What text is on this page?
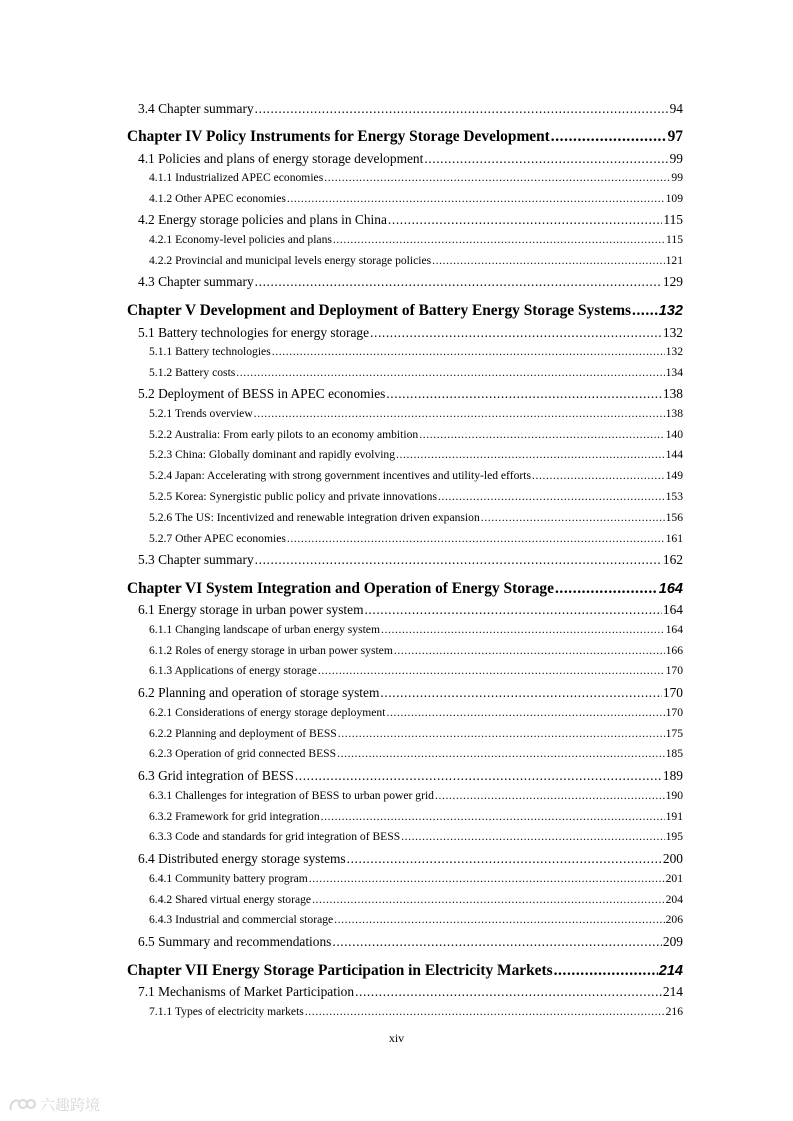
3.4 Chapter summary .....	94
Chapter IV Policy Instruments for Energy Storage Development .....	97
4.1 Policies and plans of energy storage development .....	99
4.1.1 Industrialized APEC economies .....	99
4.1.2 Other APEC economies .....	109
4.2 Energy storage policies and plans in China .....	115
4.2.1 Economy-level policies and plans .....	115
4.2.2 Provincial and municipal levels energy storage policies .....	121
4.3 Chapter summary .....	129
Chapter V Development and Deployment of Battery Energy Storage Systems ..... 132
5.1 Battery technologies for energy storage .....	132
5.1.1 Battery technologies .....	132
5.1.2 Battery costs .....	134
5.2 Deployment of BESS in APEC economies .....	138
5.2.1 Trends overview .....	138
5.2.2 Australia: From early pilots to an economy ambition .....	140
5.2.3 China: Globally dominant and rapidly evolving .....	144
5.2.4 Japan: Accelerating with strong government incentives and utility-led efforts .....	149
5.2.5 Korea: Synergistic public policy and private innovations .....	153
5.2.6 The US: Incentivized and renewable integration driven expansion .....	156
5.2.7 Other APEC economies .....	161
5.3 Chapter summary .....	162
Chapter VI System Integration and Operation of Energy Storage .....	164
6.1 Energy storage in urban power system .....	164
6.1.1 Changing landscape of urban energy system .....	164
6.1.2 Roles of energy storage in urban power system .....	166
6.1.3 Applications of energy storage .....	170
6.2 Planning and operation of storage system .....	170
6.2.1 Considerations of energy storage deployment .....	170
6.2.2 Planning and deployment of BESS .....	175
6.2.3 Operation of grid connected BESS .....	185
6.3 Grid integration of BESS .....	189
6.3.1 Challenges for integration of BESS to urban power grid .....	190
6.3.2 Framework for grid integration .....	191
6.3.3 Code and standards for grid integration of BESS .....	195
6.4 Distributed energy storage systems .....	200
6.4.1 Community battery program .....	201
6.4.2 Shared virtual energy storage .....	204
6.4.3 Industrial and commercial storage .....	206
6.5 Summary and recommendations .....	209
Chapter VII Energy Storage Participation in Electricity Markets .....	214
7.1 Mechanisms of Market Participation .....	214
7.1.1 Types of electricity markets .....	216
xiv
六趣跨境
